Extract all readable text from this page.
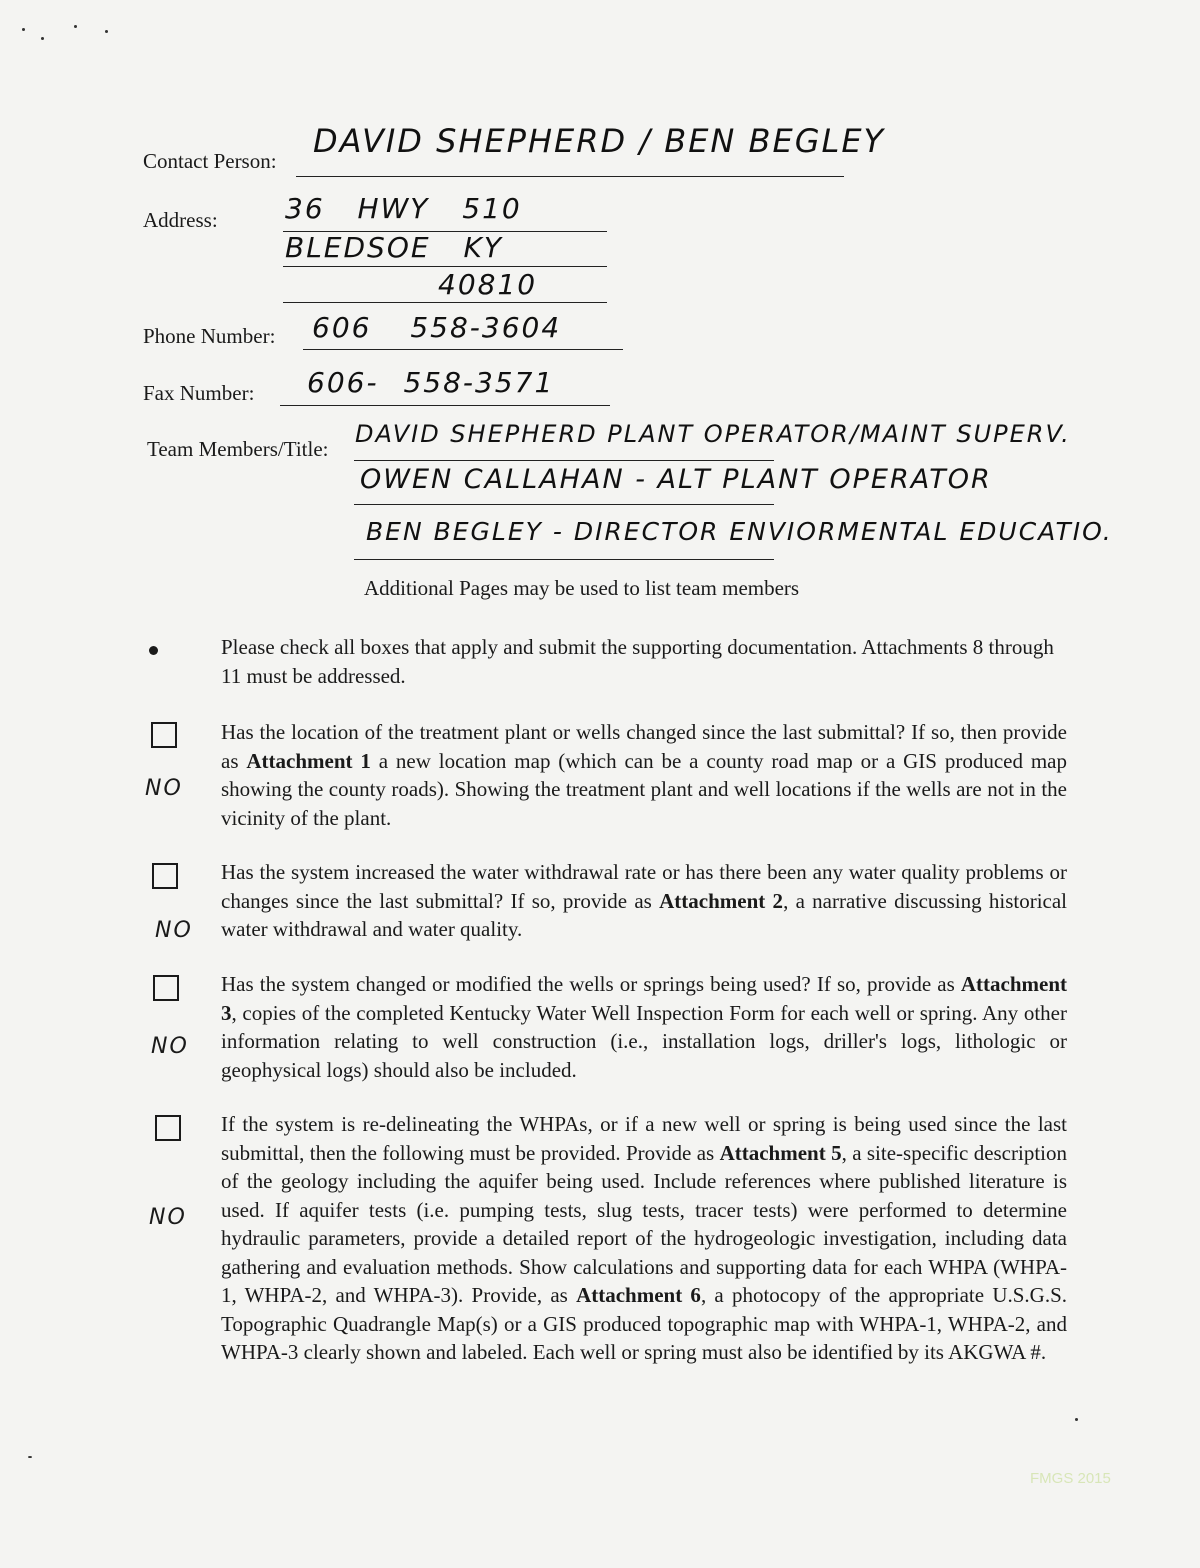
Contact Person:
DAVID SHEPHERD / BEN BEGLEY
Address: 36 HWY 510
BLEDSOE KY
40810
Phone Number: 606 558-3604
Fax Number: 606- 558-3571
Team Members/Title:
DAVID SHEPHERD PLANT OPERATOR/MAINT SUPERV.
OWEN CALLAHAN - ALT PLANT OPERATOR
BEN BEGLEY - DIRECTOR ENVIORMENTAL EDUCATIO.
Additional Pages may be used to list team members
Please check all boxes that apply and submit the supporting documentation. Attachments 8 through 11 must be addressed.
NO
Has the location of the treatment plant or wells changed since the last submittal? If so, then provide as Attachment 1 a new location map (which can be a county road map or a GIS produced map showing the county roads). Showing the treatment plant and well locations if the wells are not in the vicinity of the plant.
NO
Has the system increased the water withdrawal rate or has there been any water quality problems or changes since the last submittal? If so, provide as Attachment 2, a narrative discussing historical water withdrawal and water quality.
NO
Has the system changed or modified the wells or springs being used? If so, provide as Attachment 3, copies of the completed Kentucky Water Well Inspection Form for each well or spring. Any other information relating to well construction (i.e., installation logs, driller's logs, lithologic or geophysical logs) should also be included.
NO
If the system is re-delineating the WHPAs, or if a new well or spring is being used since the last submittal, then the following must be provided. Provide as Attachment 5, a site-specific description of the geology including the aquifer being used. Include references where published literature is used. If aquifer tests (i.e. pumping tests, slug tests, tracer tests) were performed to determine hydraulic parameters, provide a detailed report of the hydrogeologic investigation, including data gathering and evaluation methods. Show calculations and supporting data for each WHPA (WHPA-1, WHPA-2, and WHPA-3). Provide, as Attachment 6, a photocopy of the appropriate U.S.G.S. Topographic Quadrangle Map(s) or a GIS produced topographic map with WHPA-1, WHPA-2, and WHPA-3 clearly shown and labeled. Each well or spring must also be identified by its AKGWA #.
FMGS 2015
